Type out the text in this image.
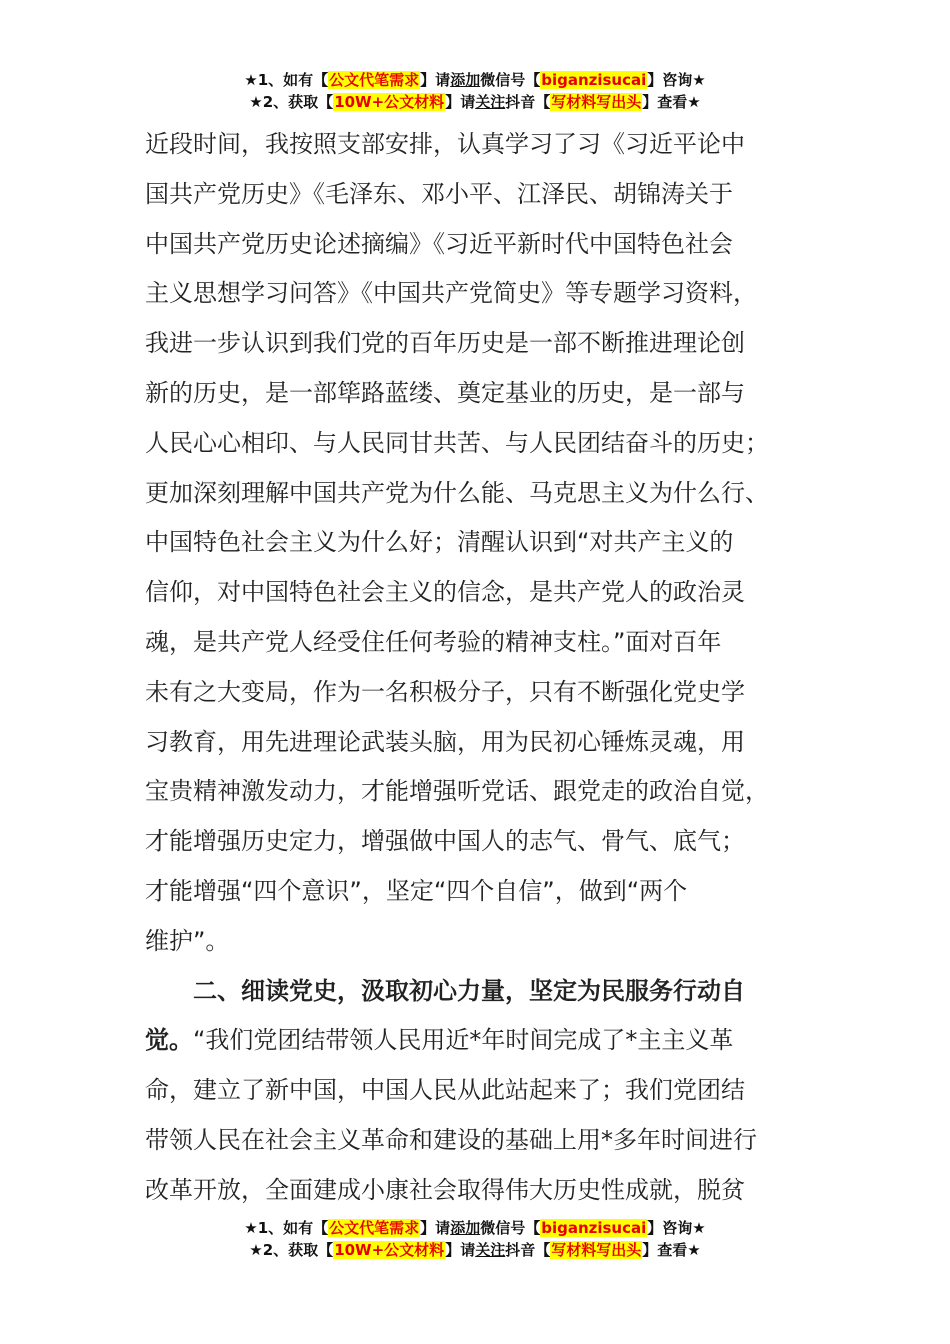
★1、如有【公文代笔需求】请添加微信号【biganzisucai】咨询★
★2、获取【10W+公文材料】请关注抖音【写材料写出头】查看★
近段时间，我按照支部安排，认真学习了习《习近平论中
国共产党历史》《毛泽东、邓小平、江泽民、胡锦涛关于
中国共产党历史论述摘编》《习近平新时代中国特色社会
主义思想学习问答》《中国共产党简史》等专题学习资料，
我进一步认识到我们党的百年历史是一部不断推进理论创
新的历史，是一部筚路蓝缕、奠定基业的历史，是一部与
人民心心相印、与人民同甘共苦、与人民团结奋斗的历史；
更加深刻理解中国共产党为什么能、马克思主义为什么行、
中国特色社会主义为什么好；清醒认识到“对共产主义的
信仰，对中国特色社会主义的信念，是共产党人的政治灵
魂，是共产党人经受住任何考验的精神支柱。”面对百年
未有之大变局，作为一名积极分子，只有不断强化党史学
习教育，用先进理论武装头脑，用为民初心锤炼灵魂，用
宝贵精神激发动力，才能增强听党话、跟党走的政治自觉，
才能增强历史定力，增强做中国人的志气、骨气、底气；
才能增强“四个意识”，坚定“四个自信”，做到“两个
维护”。
二、细读党史，汲取初心力量，坚定为民服务行动自
觉。“我们党团结带领人民用近*年时间完成了*主主义革
命，建立了新中国，中国人民从此站起来了；我们党团结
带领人民在社会主义革命和建设的基础上用*多年时间进行
改革开放，全面建成小康社会取得伟大历史性成就，脱贫
★1、如有【公文代笔需求】请添加微信号【biganzisucai】咨询★
★2、获取【10W+公文材料】请关注抖音【写材料写出头】查看★
